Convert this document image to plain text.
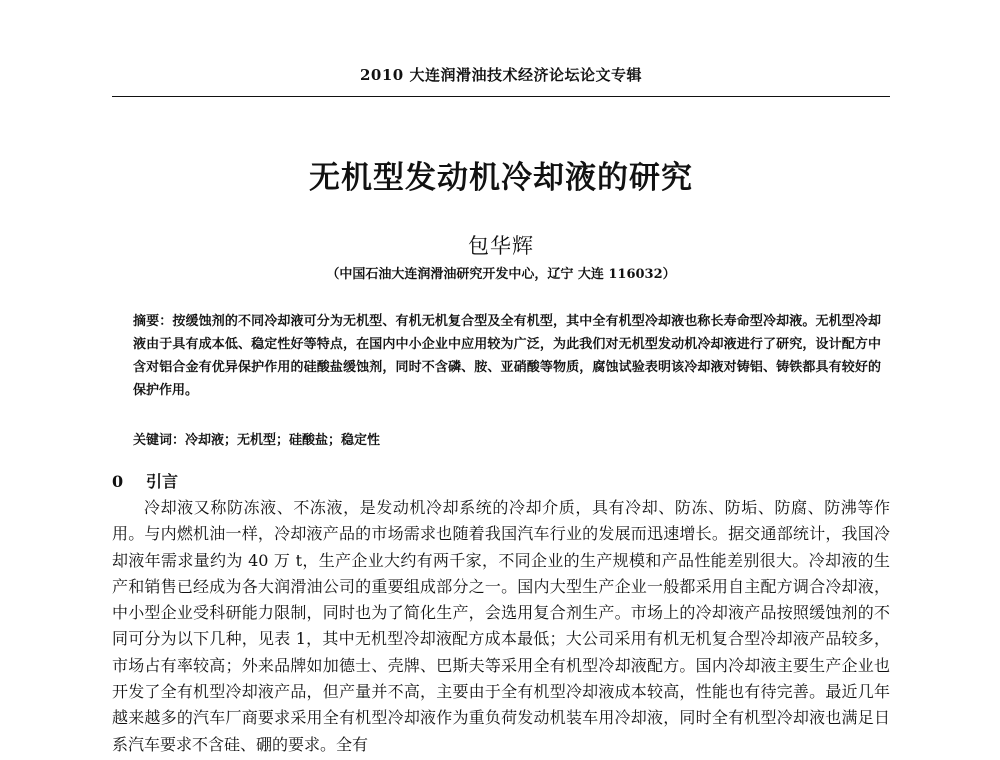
2010 大连润滑油技术经济论坛论文专辑
无机型发动机冷却液的研究
包华辉
（中国石油大连润滑油研究开发中心，辽宁 大连 116032）
摘要：按缓蚀剂的不同冷却液可分为无机型、有机无机复合型及全有机型，其中全有机型冷却液也称长寿命型冷却液。无机型冷却液由于具有成本低、稳定性好等特点，在国内中小企业中应用较为广泛，为此我们对无机型发动机冷却液进行了研究，设计配方中含对铝合金有优异保护作用的硅酸盐缓蚀剂，同时不含磷、胺、亚硝酸等物质，腐蚀试验表明该冷却液对铸铝、铸铁都具有较好的保护作用。
关键词：冷却液；无机型；硅酸盐；稳定性
0 引言
冷却液又称防冻液、不冻液，是发动机冷却系统的冷却介质，具有冷却、防冻、防垢、防腐、防沸等作用。与内燃机油一样，冷却液产品的市场需求也随着我国汽车行业的发展而迅速增长。据交通部统计，我国冷却液年需求量约为 40 万 t，生产企业大约有两千家，不同企业的生产规模和产品性能差别很大。冷却液的生产和销售已经成为各大润滑油公司的重要组成部分之一。国内大型生产企业一般都采用自主配方调合冷却液，中小型企业受科研能力限制，同时也为了简化生产，会选用复合剂生产。市场上的冷却液产品按照缓蚀剂的不同可分为以下几种，见表 1，其中无机型冷却液配方成本最低；大公司采用有机无机复合型冷却液产品较多，市场占有率较高；外来品牌如加德士、壳牌、巴斯夫等采用全有机型冷却液配方。国内冷却液主要生产企业也开发了全有机型冷却液产品，但产量并不高，主要由于全有机型冷却液成本较高，性能也有待完善。最近几年越来越多的汽车厂商要求采用全有机型冷却液作为重负荷发动机装车用冷却液，同时全有机型冷却液也满足日系汽车要求不含硅、硼的要求。全有
